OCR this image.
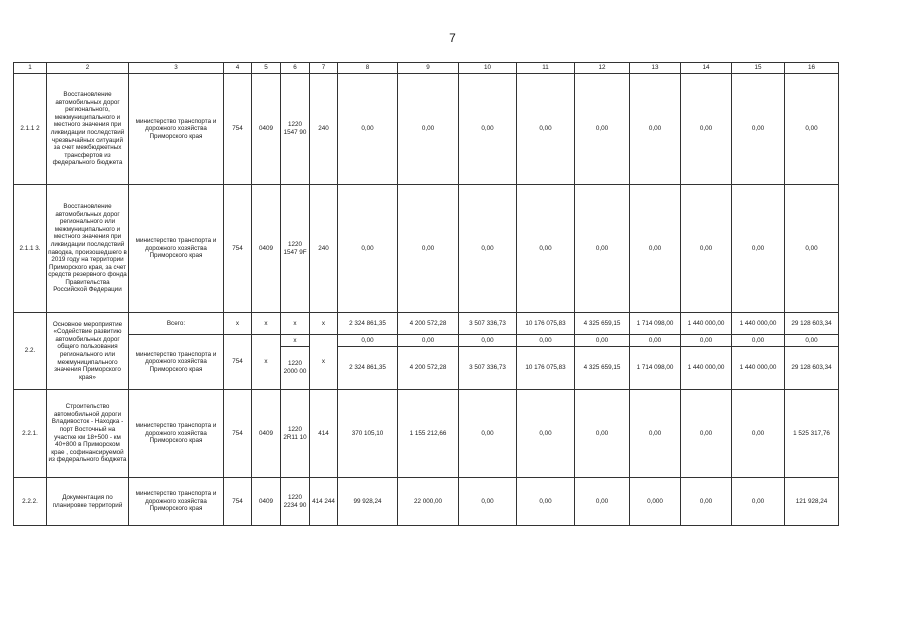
7
1	2	3	4	5	6	7	8	9	10	11	12	13	14	15	16
2.1.1 2	Восстановление автомобильных дорог регионального, межмуниципального и местного значения при ликвидации последствий чрезвычайных ситуаций за счет межбюджетных трансфертов из федерального бюджета	министерство транспорта и дорожного хозяйства Приморского края	754	0409	1220 1547 90	240	0,00	0,00	0,00	0,00	0,00	0,00	0,00	0,00	0,00
2.1.1 3.	Восстановление автомобильных дорог регионального или межмуниципального и местного значения при ликвидации последствий паводка, произошедшего в 2019 году на территории Приморского края, за счет средств резервного фонда Правительства Российской Федерации	министерство транспорта и дорожного хозяйства Приморского края	754	0409	1220 1547 9F	240	0,00	0,00	0,00	0,00	0,00	0,00	0,00	0,00	0,00
2.2.	Основное мероприятие «Содействие развитию автомобильных дорог общего пользования регионального или межмуниципального значения Приморского края»	Всего:	x	x	x	x	2 324 861,35	4 200 572,28	3 507 336,73	10 176 075,83	4 325 659,15	1 714 098,00	1 440 000,00	1 440 000,00	29 128 603,34
		министерство транспорта и дорожного хозяйства Приморского края	754	x	x	x	0,00	0,00	0,00	0,00	0,00	0,00	0,00	0,00	0,00
					1220 2000 00		2 324 861,35	4 200 572,28	3 507 336,73	10 176 075,83	4 325 659,15	1 714 098,00	1 440 000,00	1 440 000,00	29 128 603,34
2.2.1.	Строительство автомобильной дороги Владивосток - Находка - порт Восточный на участке км 18+500 - км 40+800 в Приморском крае , софинансируемой из федерального бюджета	министерство транспорта и дорожного хозяйства Приморского края	754	0409	1220 2R11 10	414	370 105,10	1 155 212,66	0,00	0,00	0,00	0,00	0,00	0,00	1 525 317,76
2.2.2.	Документация по планировке территорий	министерство транспорта и дорожного хозяйства Приморского края	754	0409	1220 2234 90	414 244	99 928,24	22 000,00	0,00	0,00	0,00	0,000	0,00	0,00	121 928,24
